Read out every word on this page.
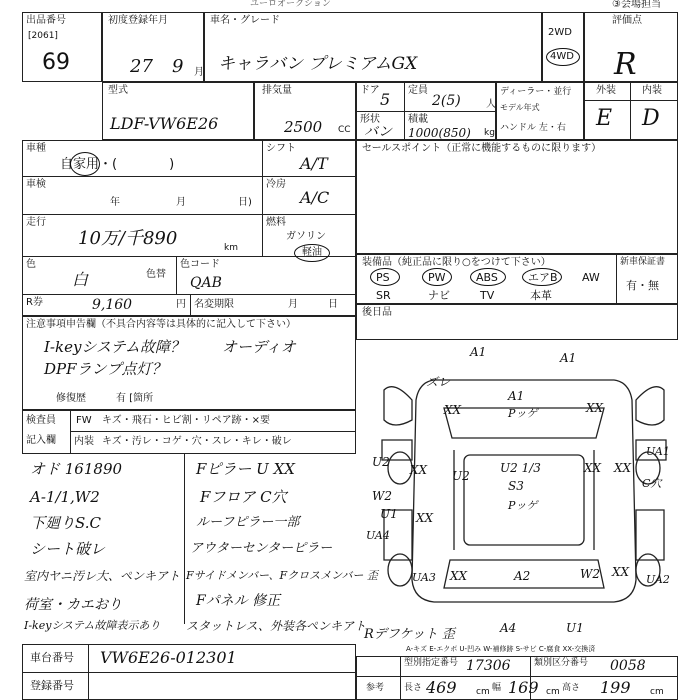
ユーロオークション	③会場担当
出品番号
[2061]
69
初度登録年月
27 9 月
車名・グレード
キャラバン プレミアムGX
2WD
4WD
評価点
R
型式
LDF-VW6E26
排気量
2500 CC
ドア 5 定員
2(5)	人
形状
バン
積載
1000(850) kg
ディーラー・並行
モデル年式
ハンドル 左・右
外装	内装
E D
車種
自家用・(　　　　)
シフト
A/T
車検
年	月	日)
冷房
A/C
走行
10万/千890	km
燃料
ガソリン
軽油
色
白	色替
色コード
QAB
R券	9,160	円 名変期限	月	日
セールスポイント（正常に機能するものに限ります）
装備品（純正品に限り○をつけて下さい）	新車保証書
有・無
PS	PW	ABS	エアB AW
SR	ナビ	TV	本革
後日品
注意事項申告欄（不具合内容等は具体的に記入して下さい）
I-keyシステム故障？ オーディオ
DPFランプ点灯？
修復歴	有 [箇所
検査員
記入欄
FW キズ・飛石・ヒビ割・リペア跡・×要
内装 キズ・汚レ・コゲ・穴・スレ・キレ・破レ
オド 161890
A-1/1,W2
下廻りS.C
シート破レ
室内ヤニ汚レ大、ペンキアト
荷室・カエおり
I-keyシステム故障表示あり
Fピラー U XX
Fフロア C穴
ルーフピラー一部
アウターセンターピラー
Fサイドメンバー、Fクロスメンバー 歪
Fパネル 修正
スタットレス、外装各ペンキアト
A1	A1
ズレ
A1
Pッゲ
XX	XX
U2
U2
UA1
XX	U2 1/3
S3
Pッゲ
XX
C穴
XX
W2
U1 XX
UA4
UA3 XX	A2	W2 XX
UA2
A4	U1
Rデフケット 歪
A-キズ E-エクボ U-凹み W-補修跡 S-サビ C-腐食 XX-交換済
車台番号 VW6E26-012301
登録番号
型別指定番号 17306	類別区分番号 0058
参考 長さ 469 cm 幅 169 cm 高さ 199 cm
